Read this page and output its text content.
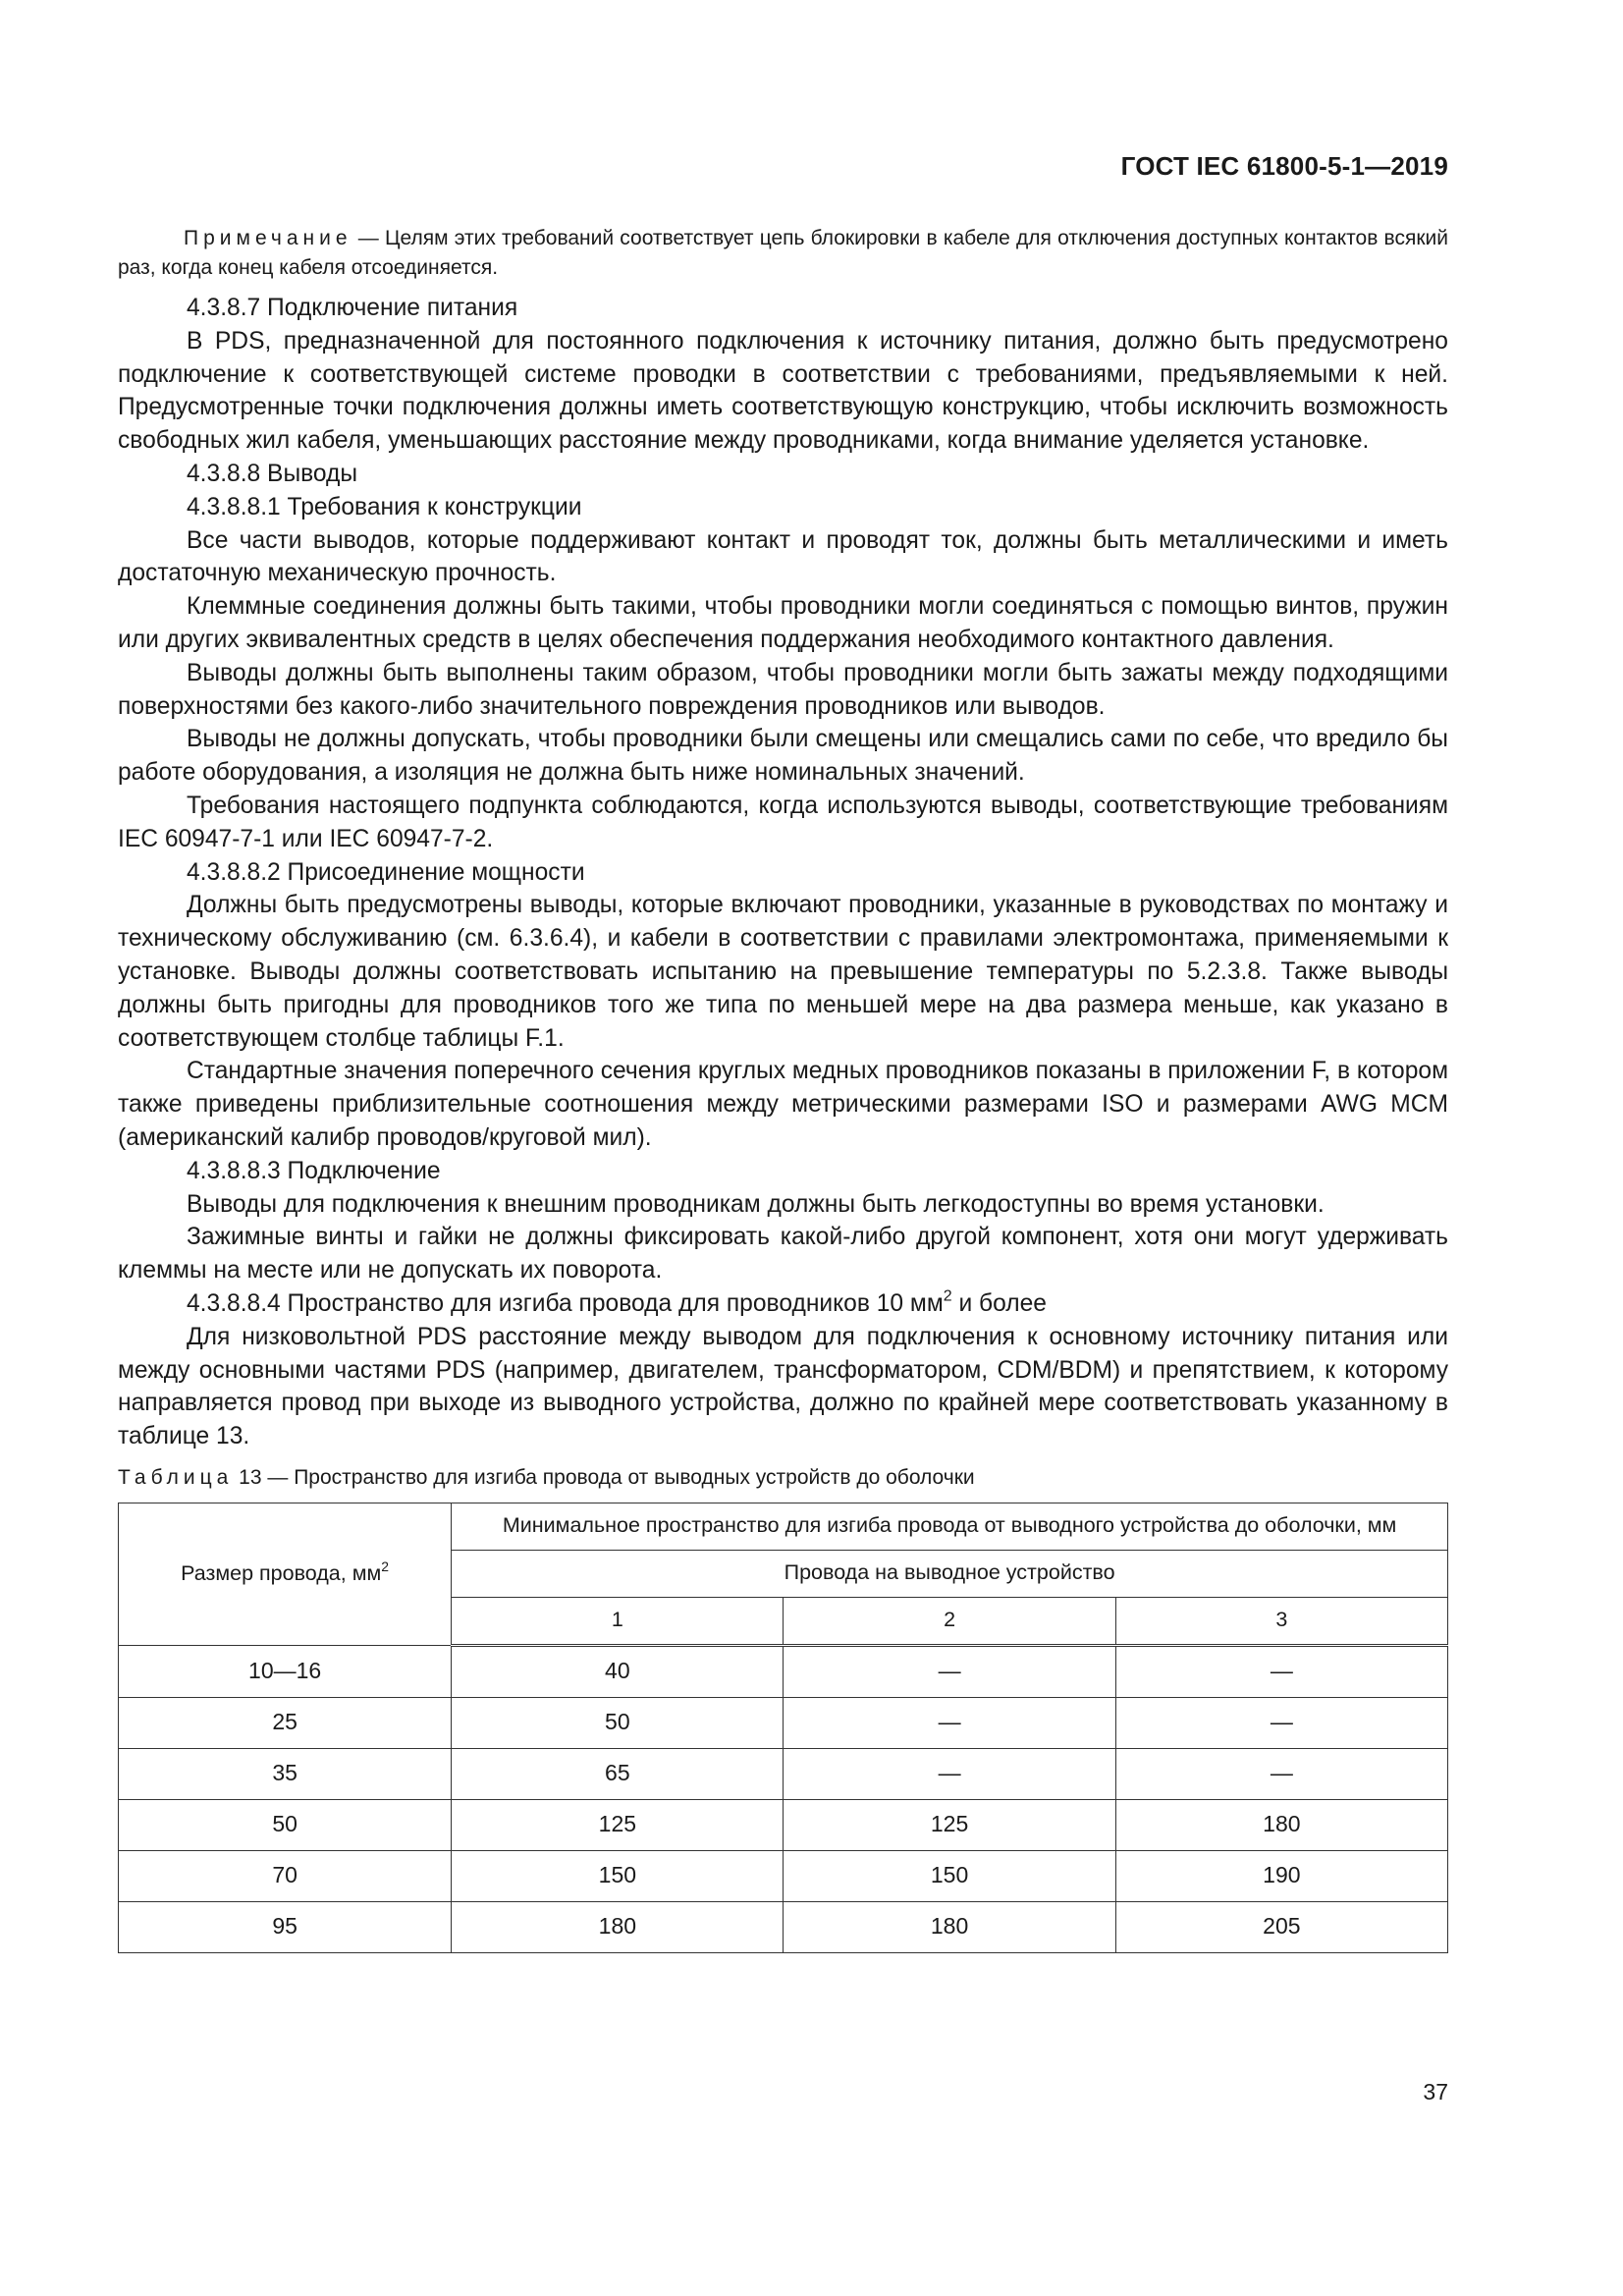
ГОСТ IEC 61800-5-1—2019

Примечание — Целям этих требований соответствует цепь блокировки в кабеле для отключения доступных контактов всякий раз, когда конец кабеля отсоединяется.

4.3.8.7 Подключение питания

В PDS, предназначенной для постоянного подключения к источнику питания, должно быть предусмотрено подключение к соответствующей системе проводки в соответствии с требованиями, предъявляемыми к ней. Предусмотренные точки подключения должны иметь соответствующую конструкцию, чтобы исключить возможность свободных жил кабеля, уменьшающих расстояние между проводниками, когда внимание уделяется установке.

4.3.8.8 Выводы

4.3.8.8.1 Требования к конструкции

Все части выводов, которые поддерживают контакт и проводят ток, должны быть металлическими и иметь достаточную механическую прочность.

Клеммные соединения должны быть такими, чтобы проводники могли соединяться с помощью винтов, пружин или других эквивалентных средств в целях обеспечения поддержания необходимого контактного давления.

Выводы должны быть выполнены таким образом, чтобы проводники могли быть зажаты между подходящими поверхностями без какого-либо значительного повреждения проводников или выводов.

Выводы не должны допускать, чтобы проводники были смещены или смещались сами по себе, что вредило бы работе оборудования, а изоляция не должна быть ниже номинальных значений.

Требования настоящего подпункта соблюдаются, когда используются выводы, соответствующие требованиям IEC 60947-7-1 или IEC 60947-7-2.

4.3.8.8.2 Присоединение мощности

Должны быть предусмотрены выводы, которые включают проводники, указанные в руководствах по монтажу и техническому обслуживанию (см. 6.3.6.4), и кабели в соответствии с правилами электромонтажа, применяемыми к установке. Выводы должны соответствовать испытанию на превышение температуры по 5.2.3.8. Также выводы должны быть пригодны для проводников того же типа по меньшей мере на два размера меньше, как указано в соответствующем столбце таблицы F.1.

Стандартные значения поперечного сечения круглых медных проводников показаны в приложении F, в котором также приведены приблизительные соотношения между метрическими размерами ISO и размерами AWG MCM (американский калибр проводов/круговой мил).

4.3.8.8.3 Подключение

Выводы для подключения к внешним проводникам должны быть легкодоступны во время установки.

Зажимные винты и гайки не должны фиксировать какой-либо другой компонент, хотя они могут удерживать клеммы на месте или не допускать их поворота.

4.3.8.8.4 Пространство для изгиба провода для проводников 10 $мм^2$ и более

Для низковольтной PDS расстояние между выводом для подключения к основному источнику питания или между основными частями PDS (например, двигателем, трансформатором, CDM/BDM) и препятствием, к которому направляется провод при выходе из выводного устройства, должно по крайней мере соответствовать указанному в таблице 13.

Таблица 13 — Пространство для изгиба провода от выводных устройств до оболочки

Размер провода, $мм^2$	Минимальное пространство для изгиба провода от выводного устройства до оболочки, мм		
	Провода на выводное устройство		
	1	2	3
10—16	40	—	—
25	50	—	—
35	65	—	—
50	125	125	180
70	150	150	190
95	180	180	205
37
